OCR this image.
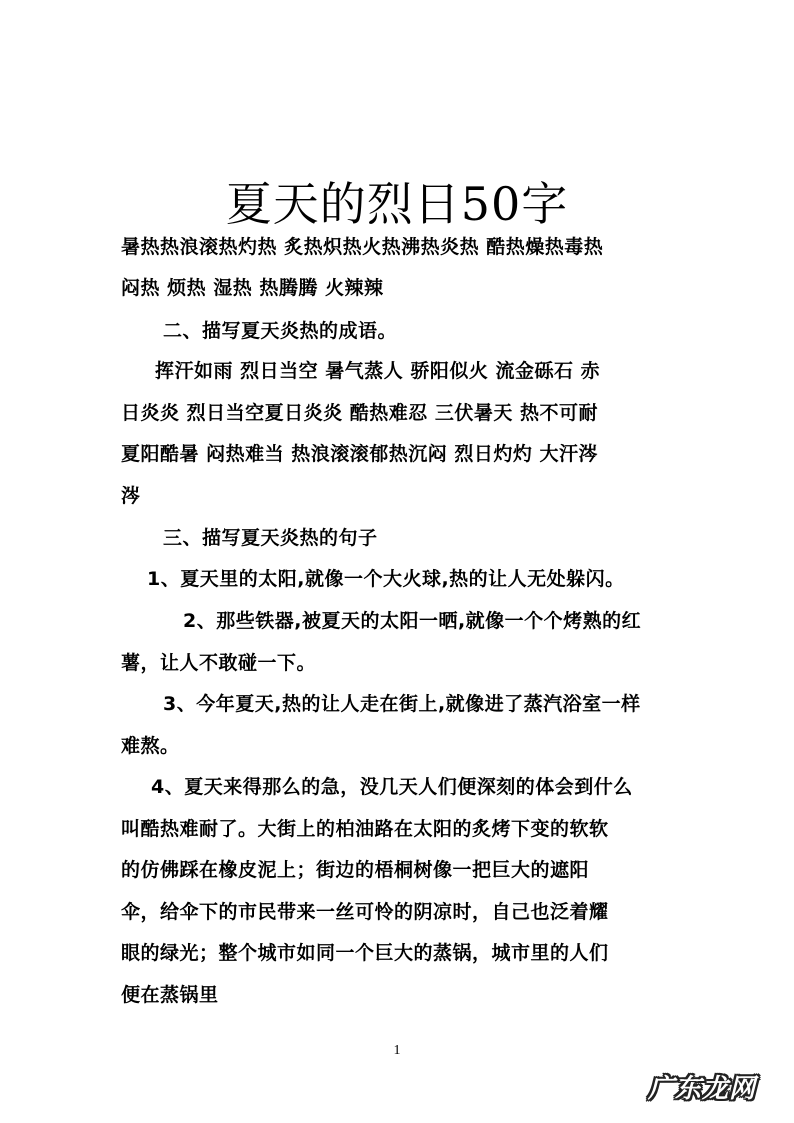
夏天的烈日50字
暑热热浪滚热灼热 炙热炽热火热沸热炎热 酷热燥热毒热
闷热 烦热 湿热 热腾腾 火辣辣
二、描写夏天炎热的成语。
挥汗如雨 烈日当空 暑气蒸人 骄阳似火 流金砾石 赤
日炎炎 烈日当空夏日炎炎 酷热难忍 三伏暑天 热不可耐
夏阳酷暑 闷热难当 热浪滚滚郁热沉闷 烈日灼灼 大汗涔
涔
三、描写夏天炎热的句子
1、夏天里的太阳,就像一个大火球,热的让人无处躲闪。
2、那些铁器,被夏天的太阳一晒,就像一个个烤熟的红
薯，让人不敢碰一下。
3、今年夏天,热的让人走在街上,就像进了蒸汽浴室一样
难熬。
4、夏天来得那么的急，没几天人们便深刻的体会到什么
叫酷热难耐了。大街上的柏油路在太阳的炙烤下变的软软
的仿佛踩在橡皮泥上；街边的梧桐树像一把巨大的遮阳
伞，给伞下的市民带来一丝可怜的阴凉时，自己也泛着耀
眼的绿光；整个城市如同一个巨大的蒸锅，城市里的人们
便在蒸锅里
1
广东龙网
